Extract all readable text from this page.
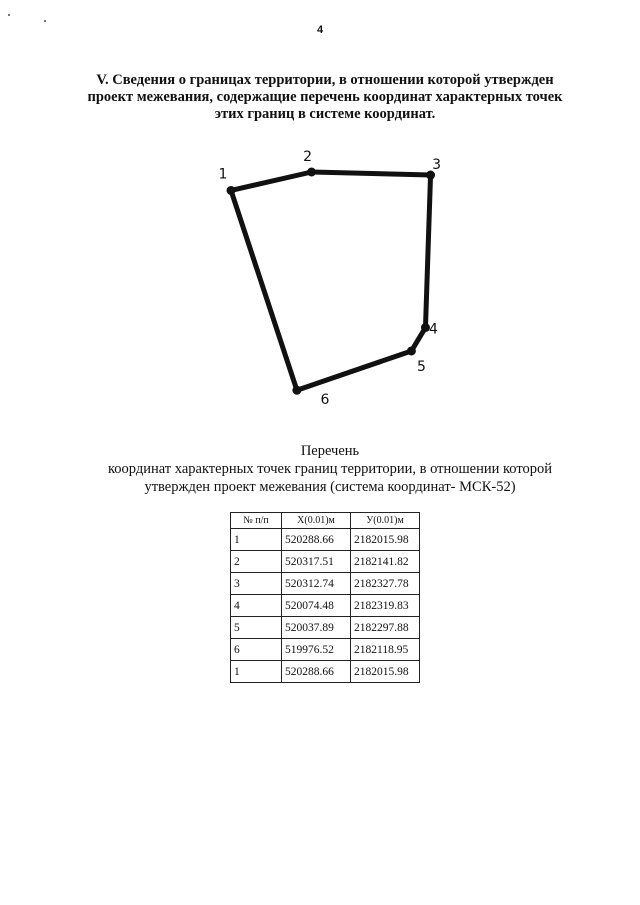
4
V. Сведения о границах территории, в отношении которой утвержден
проект межевания, содержащие перечень координат характерных точек
этих границ в системе координат.
1
2
3
4
5
6
Перечень
координат характерных точек границ территории, в отношении которой
утвержден проект межевания (система координат- МСК-52)
№ п/п	X(0.01)м	У(0.01)м
1	520288.66	2182015.98
2	520317.51	2182141.82
3	520312.74	2182327.78
4	520074.48	2182319.83
5	520037.89	2182297.88
6	519976.52	2182118.95
1	520288.66	2182015.98
